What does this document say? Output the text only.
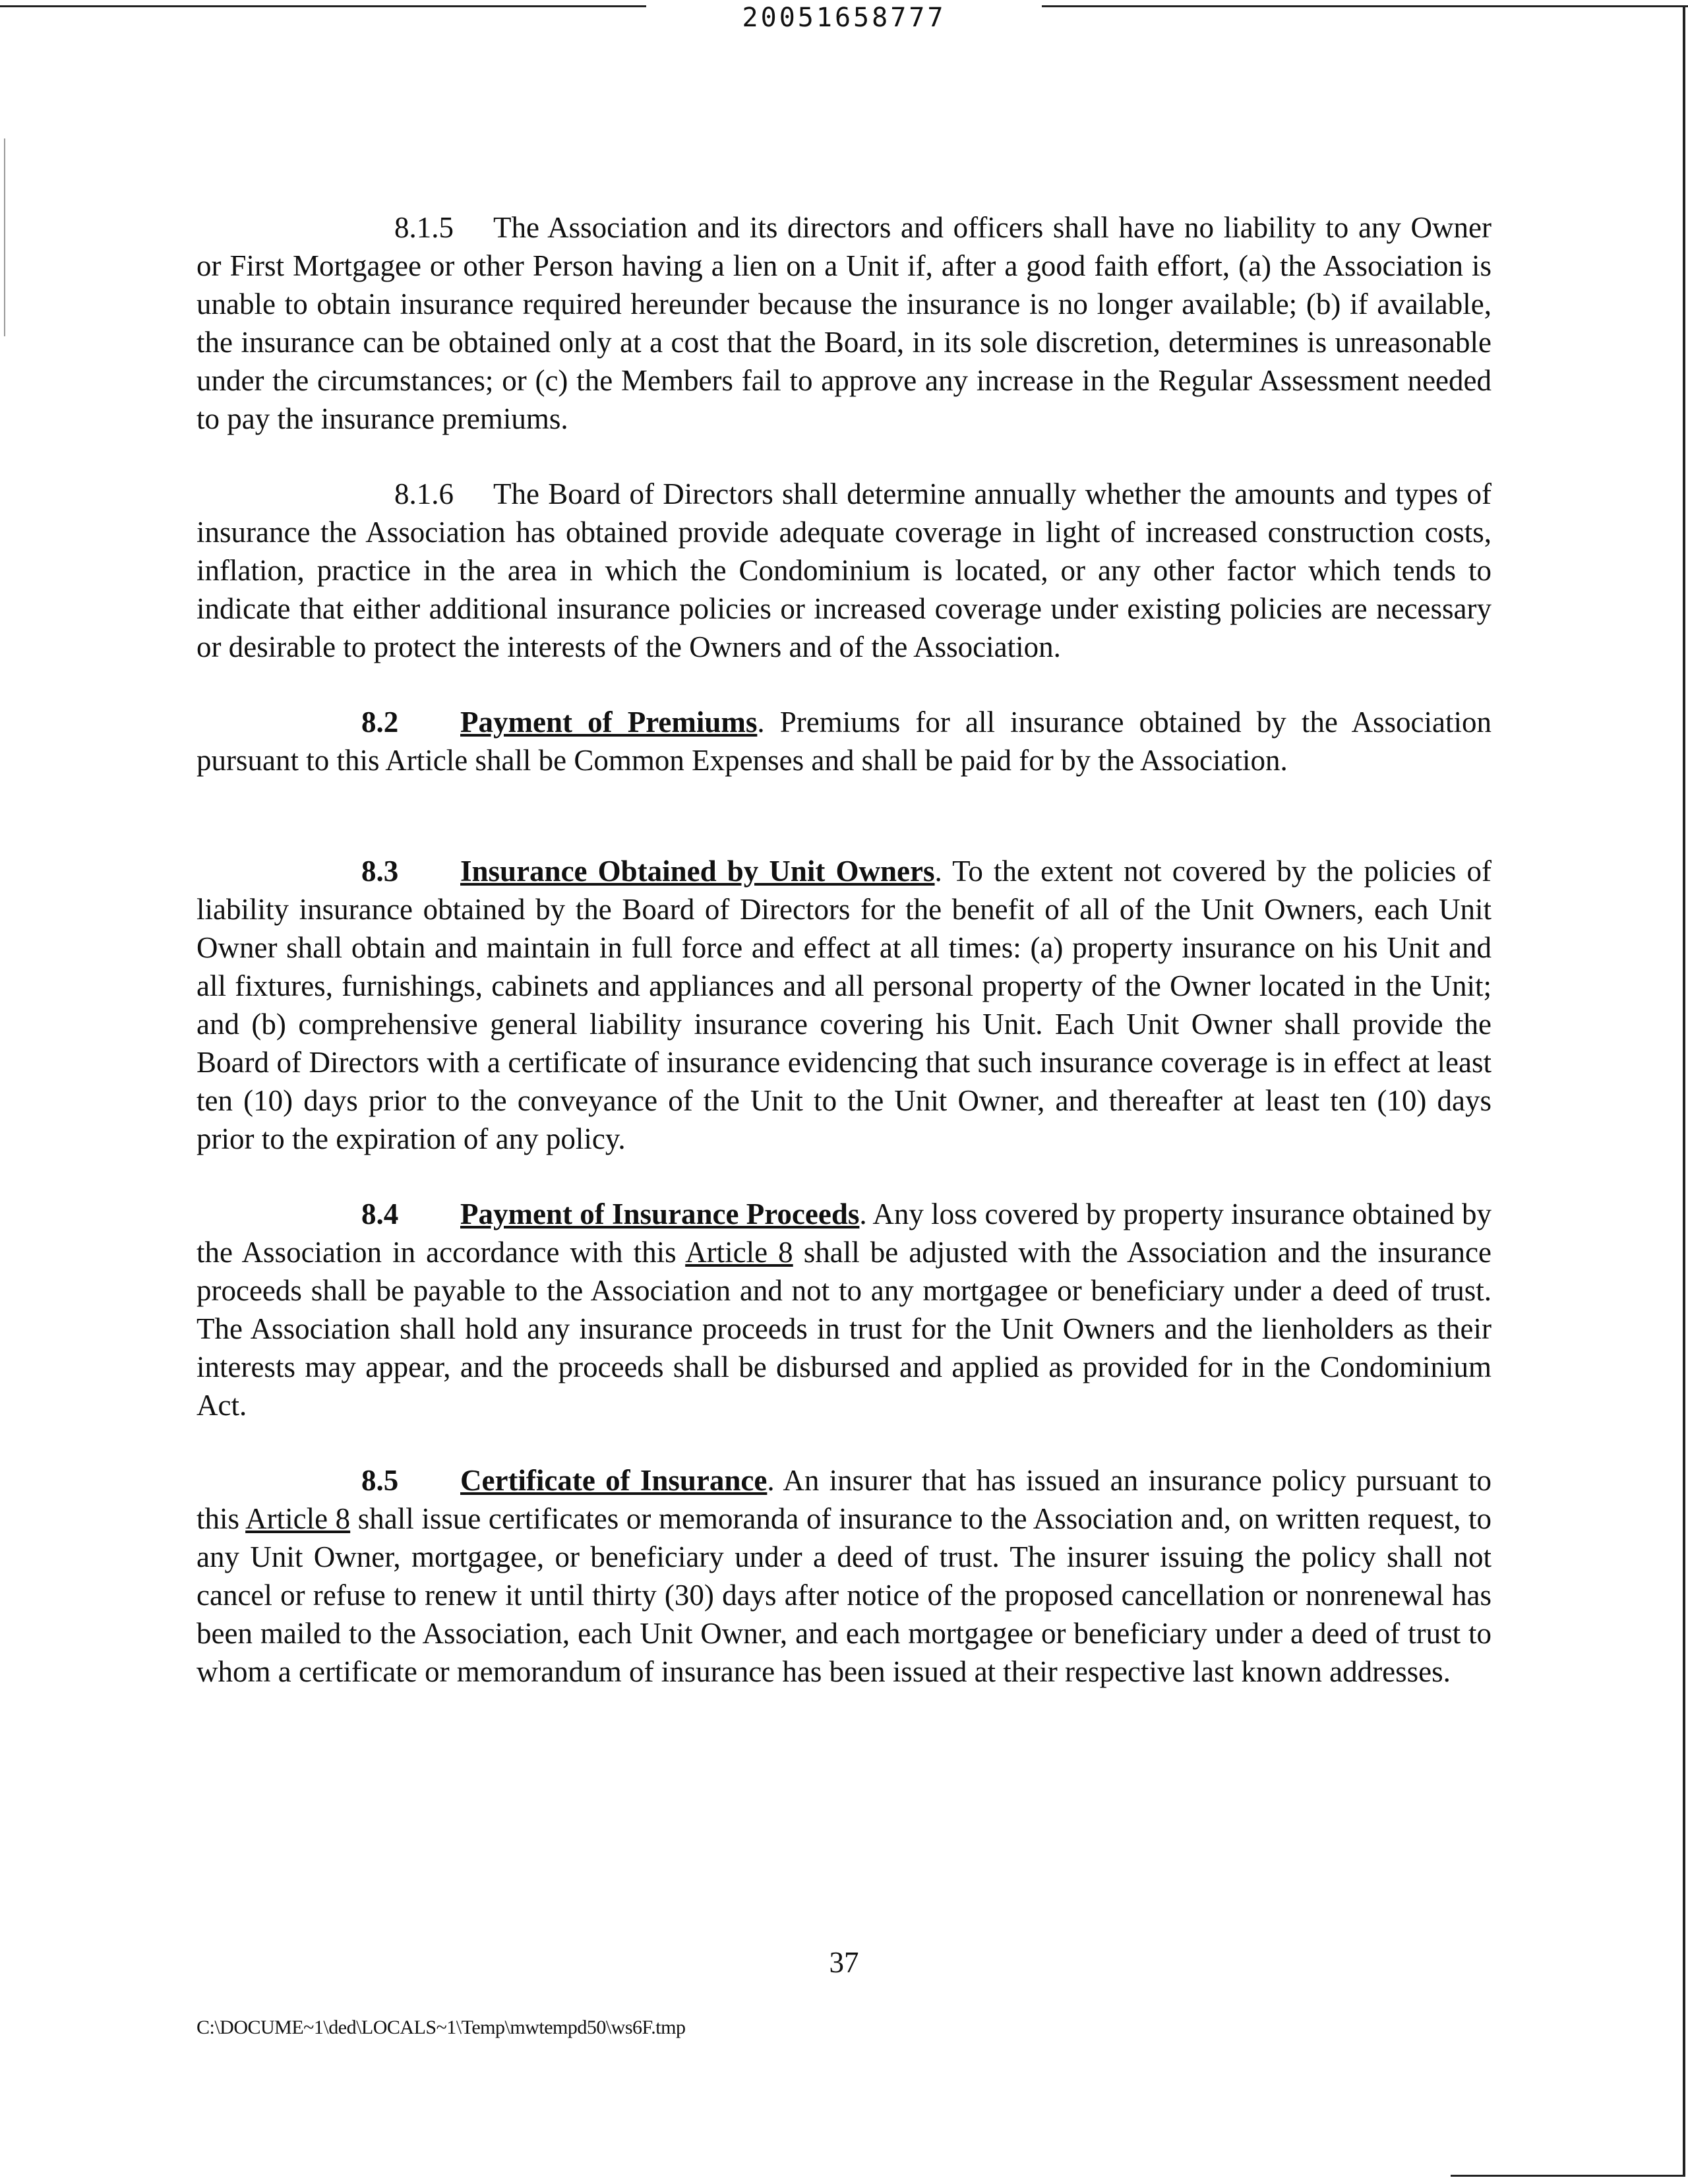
20051658777

8.1.5 The Association and its directors and officers shall have no liability to any Owner or First Mortgagee or other Person having a lien on a Unit if, after a good faith effort, (a) the Association is unable to obtain insurance required hereunder because the insurance is no longer available; (b) if available, the insurance can be obtained only at a cost that the Board, in its sole discretion, determines is unreasonable under the circumstances; or (c) the Members fail to approve any increase in the Regular Assessment needed to pay the insurance premiums.

8.1.6 The Board of Directors shall determine annually whether the amounts and types of insurance the Association has obtained provide adequate coverage in light of increased construction costs, inflation, practice in the area in which the Condominium is located, or any other factor which tends to indicate that either additional insurance policies or increased coverage under existing policies are necessary or desirable to protect the interests of the Owners and of the Association.

8.2 Payment of Premiums. Premiums for all insurance obtained by the Association pursuant to this Article shall be Common Expenses and shall be paid for by the Association.

8.3 Insurance Obtained by Unit Owners. To the extent not covered by the policies of liability insurance obtained by the Board of Directors for the benefit of all of the Unit Owners, each Unit Owner shall obtain and maintain in full force and effect at all times: (a) property insurance on his Unit and all fixtures, furnishings, cabinets and appliances and all personal property of the Owner located in the Unit; and (b) comprehensive general liability insurance covering his Unit. Each Unit Owner shall provide the Board of Directors with a certificate of insurance evidencing that such insurance coverage is in effect at least ten (10) days prior to the conveyance of the Unit to the Unit Owner, and thereafter at least ten (10) days prior to the expiration of any policy.

8.4 Payment of Insurance Proceeds. Any loss covered by property insurance obtained by the Association in accordance with this Article 8 shall be adjusted with the Association and the insurance proceeds shall be payable to the Association and not to any mortgagee or beneficiary under a deed of trust. The Association shall hold any insurance proceeds in trust for the Unit Owners and the lienholders as their interests may appear, and the proceeds shall be disbursed and applied as provided for in the Condominium Act.

8.5 Certificate of Insurance. An insurer that has issued an insurance policy pursuant to this Article 8 shall issue certificates or memoranda of insurance to the Association and, on written request, to any Unit Owner, mortgagee, or beneficiary under a deed of trust. The insurer issuing the policy shall not cancel or refuse to renew it until thirty (30) days after notice of the proposed cancellation or nonrenewal has been mailed to the Association, each Unit Owner, and each mortgagee or beneficiary under a deed of trust to whom a certificate or memorandum of insurance has been issued at their respective last known addresses.

37
C:\DOCUME~1\ded\LOCALS~1\Temp\mwtempd50\ws6F.tmp
